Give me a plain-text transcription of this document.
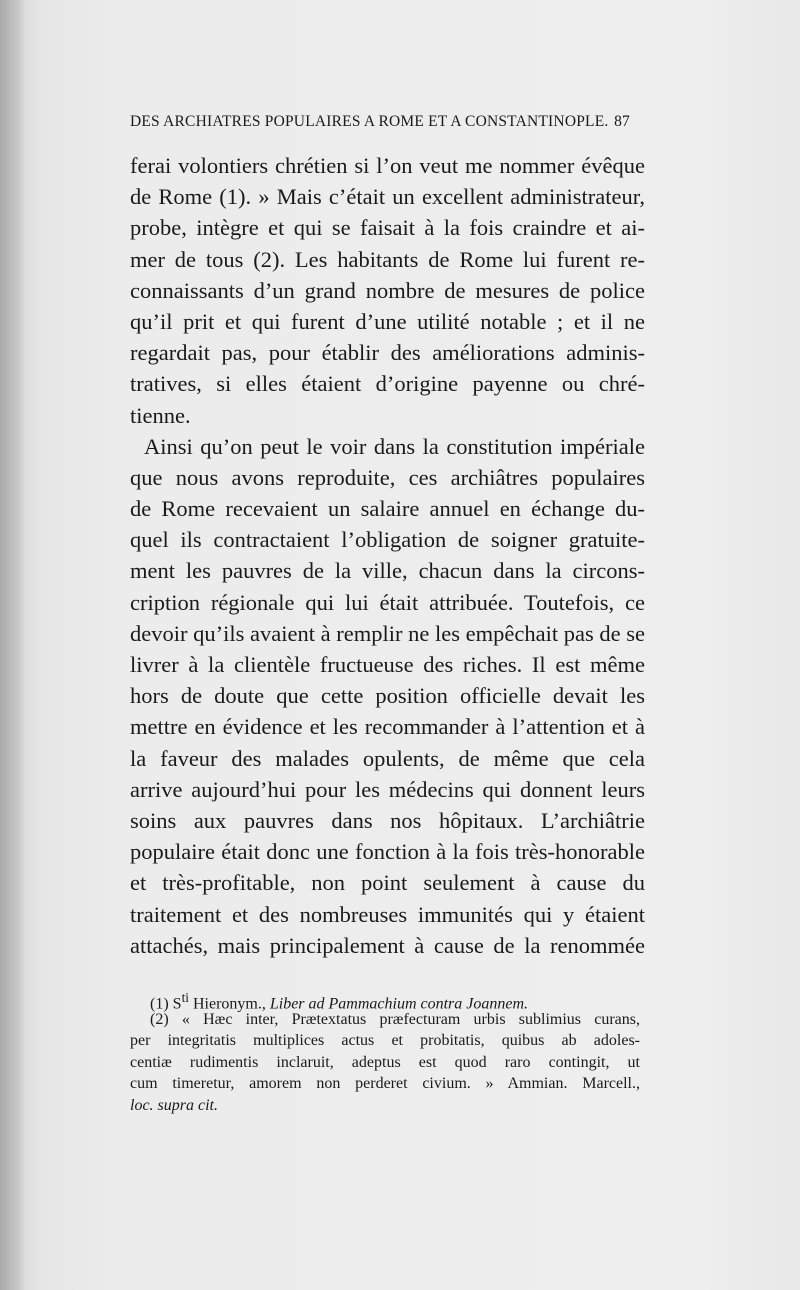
DES ARCHIATRES POPULAIRES A ROME ET A CONSTANTINOPLE. 87
ferai volontiers chrétien si l’on veut me nommer évêque
de Rome (1). » Mais c’était un excellent administrateur,
probe, intègre et qui se faisait à la fois craindre et ai-
mer de tous (2). Les habitants de Rome lui furent re-
connaissants d’un grand nombre de mesures de police
qu’il prit et qui furent d’une utilité notable ; et il ne
regardait pas, pour établir des améliorations adminis-
tratives, si elles étaient d’origine payenne ou chré-
tienne.
Ainsi qu’on peut le voir dans la constitution impériale
que nous avons reproduite, ces archiâtres populaires
de Rome recevaient un salaire annuel en échange du-
quel ils contractaient l’obligation de soigner gratuite-
ment les pauvres de la ville, chacun dans la circons-
cription régionale qui lui était attribuée. Toutefois, ce
devoir qu’ils avaient à remplir ne les empêchait pas de se
livrer à la clientèle fructueuse des riches. Il est même
hors de doute que cette position officielle devait les
mettre en évidence et les recommander à l’attention et à
la faveur des malades opulents, de même que cela
arrive aujourd’hui pour les médecins qui donnent leurs
soins aux pauvres dans nos hôpitaux. L’archiâtrie
populaire était donc une fonction à la fois très-honorable
et très-profitable, non point seulement à cause du
traitement et des nombreuses immunités qui y étaient
attachés, mais principalement à cause de la renommée
(1) $S^{ti}$ Hieronym., Liber ad Pammachium contra Joannem.
(2) « Hæc inter, Prætextatus præfecturam urbis sublimius curans,
per integritatis multiplices actus et probitatis, quibus ab adoles-
centiæ rudimentis inclaruit, adeptus est quod raro contingit, ut
cum timeretur, amorem non perderet civium. » Ammian. Marcell.,
loc. supra cit.
